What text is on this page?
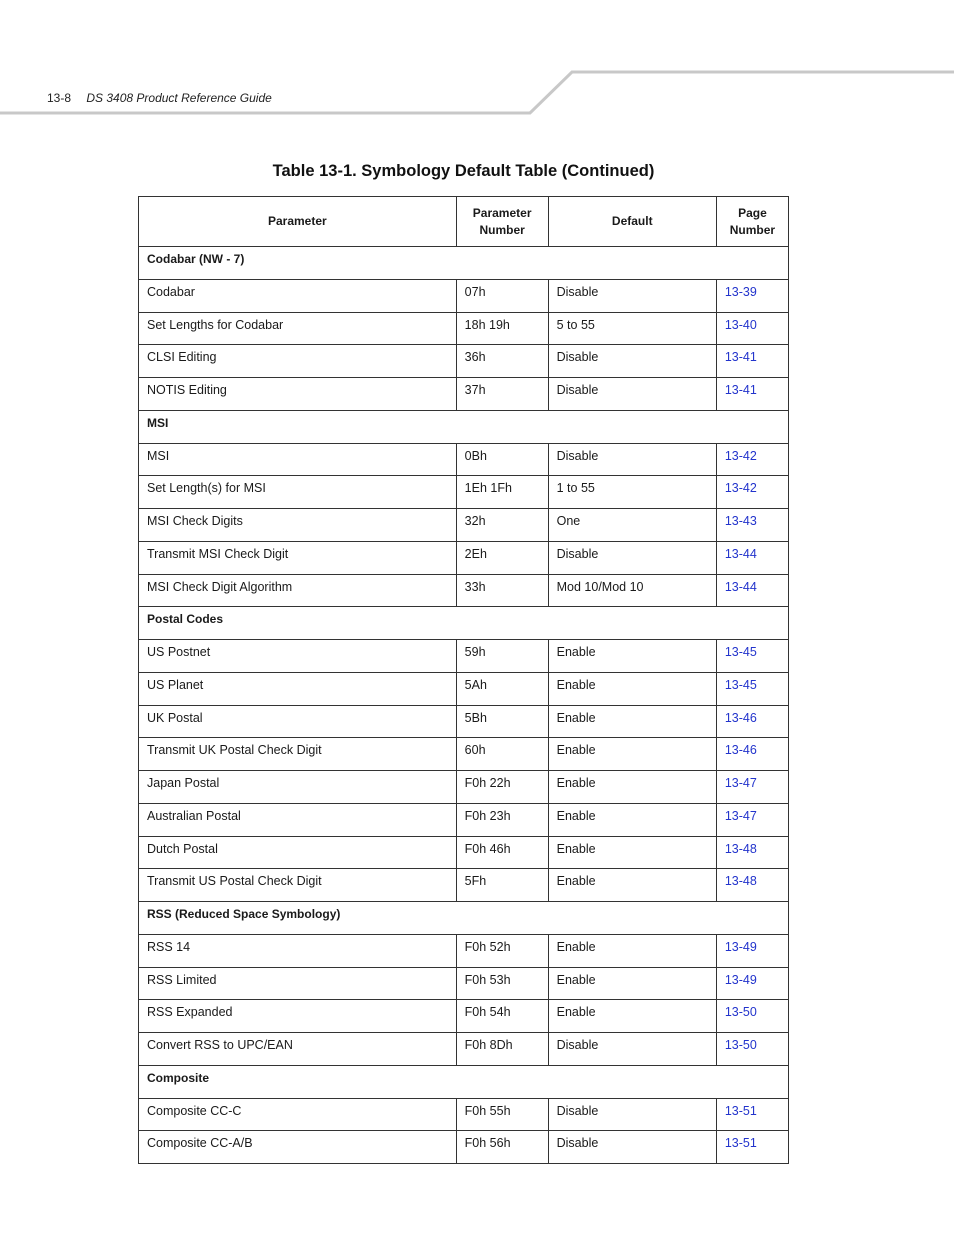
13-8 DS 3408 Product Reference Guide
Table 13-1. Symbology Default Table (Continued)
Parameter	Parameter Number	Default	Page Number
Codabar (NW - 7)			
Codabar	07h	Disable	13-39
Set Lengths for Codabar	18h 19h	5 to 55	13-40
CLSI Editing	36h	Disable	13-41
NOTIS Editing	37h	Disable	13-41
MSI			
MSI	0Bh	Disable	13-42
Set Length(s) for MSI	1Eh 1Fh	1 to 55	13-42
MSI Check Digits	32h	One	13-43
Transmit MSI Check Digit	2Eh	Disable	13-44
MSI Check Digit Algorithm	33h	Mod 10/Mod 10	13-44
Postal Codes			
US Postnet	59h	Enable	13-45
US Planet	5Ah	Enable	13-45
UK Postal	5Bh	Enable	13-46
Transmit UK Postal Check Digit	60h	Enable	13-46
Japan Postal	F0h 22h	Enable	13-47
Australian Postal	F0h 23h	Enable	13-47
Dutch Postal	F0h 46h	Enable	13-48
Transmit US Postal Check Digit	5Fh	Enable	13-48
RSS (Reduced Space Symbology)			
RSS 14	F0h 52h	Enable	13-49
RSS Limited	F0h 53h	Enable	13-49
RSS Expanded	F0h 54h	Enable	13-50
Convert RSS to UPC/EAN	F0h 8Dh	Disable	13-50
Composite			
Composite CC-C	F0h 55h	Disable	13-51
Composite CC-A/B	F0h 56h	Disable	13-51
